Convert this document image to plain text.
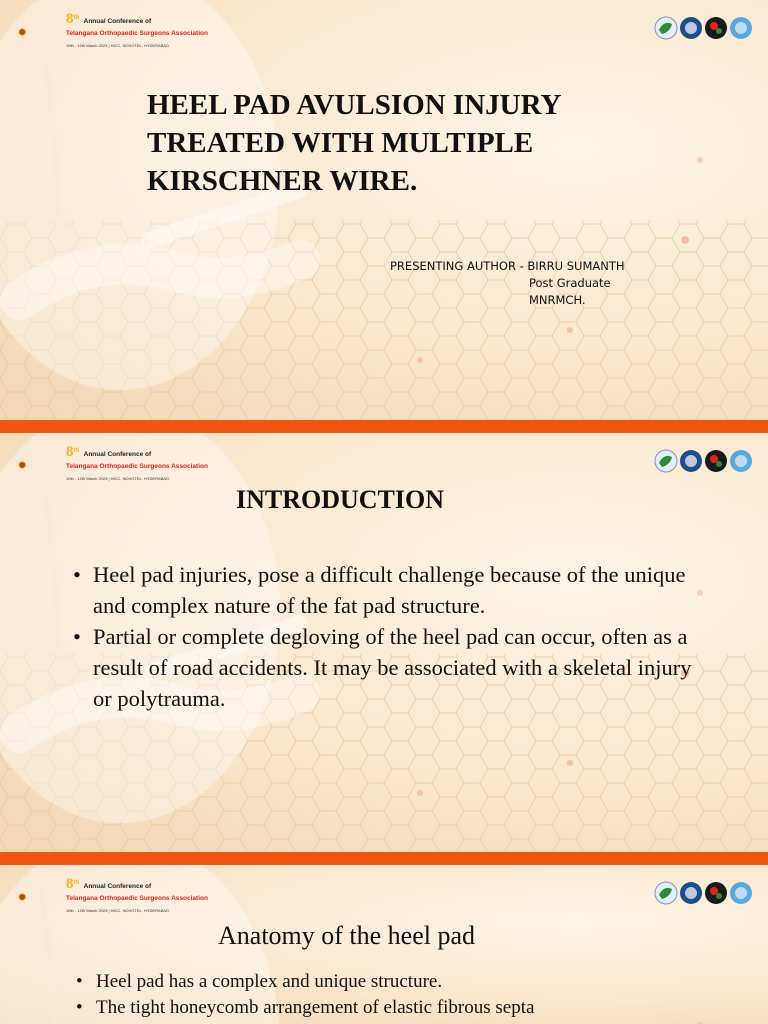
8th Annual Conference of
Telangana Orthopaedic Surgeons Association
10th - 12th March 2023 | HICC, NOVOTEL, HYDERABAD
HEEL PAD AVULSION INJURY
TREATED WITH MULTIPLE
KIRSCHNER WIRE.
PRESENTING AUTHOR - BIRRU SUMANTH
Post Graduate
MNRMCH.
8th Annual Conference of
Telangana Orthopaedic Surgeons Association
10th - 12th March 2023 | HICC, NOVOTEL, HYDERABAD
INTRODUCTION
• Heel pad injuries, pose a difficult challenge because of the unique and complex nature of the fat pad structure.
• Partial or complete degloving of the heel pad can occur, often as a result of road accidents. It may be associated with a skeletal injury or polytrauma.
8th Annual Conference of
Telangana Orthopaedic Surgeons Association
10th - 12th March 2023 | HICC, NOVOTEL, HYDERABAD
Anatomy of the heel pad
• Heel pad has a complex and unique structure.
• The tight honeycomb arrangement of elastic fibrous septa
